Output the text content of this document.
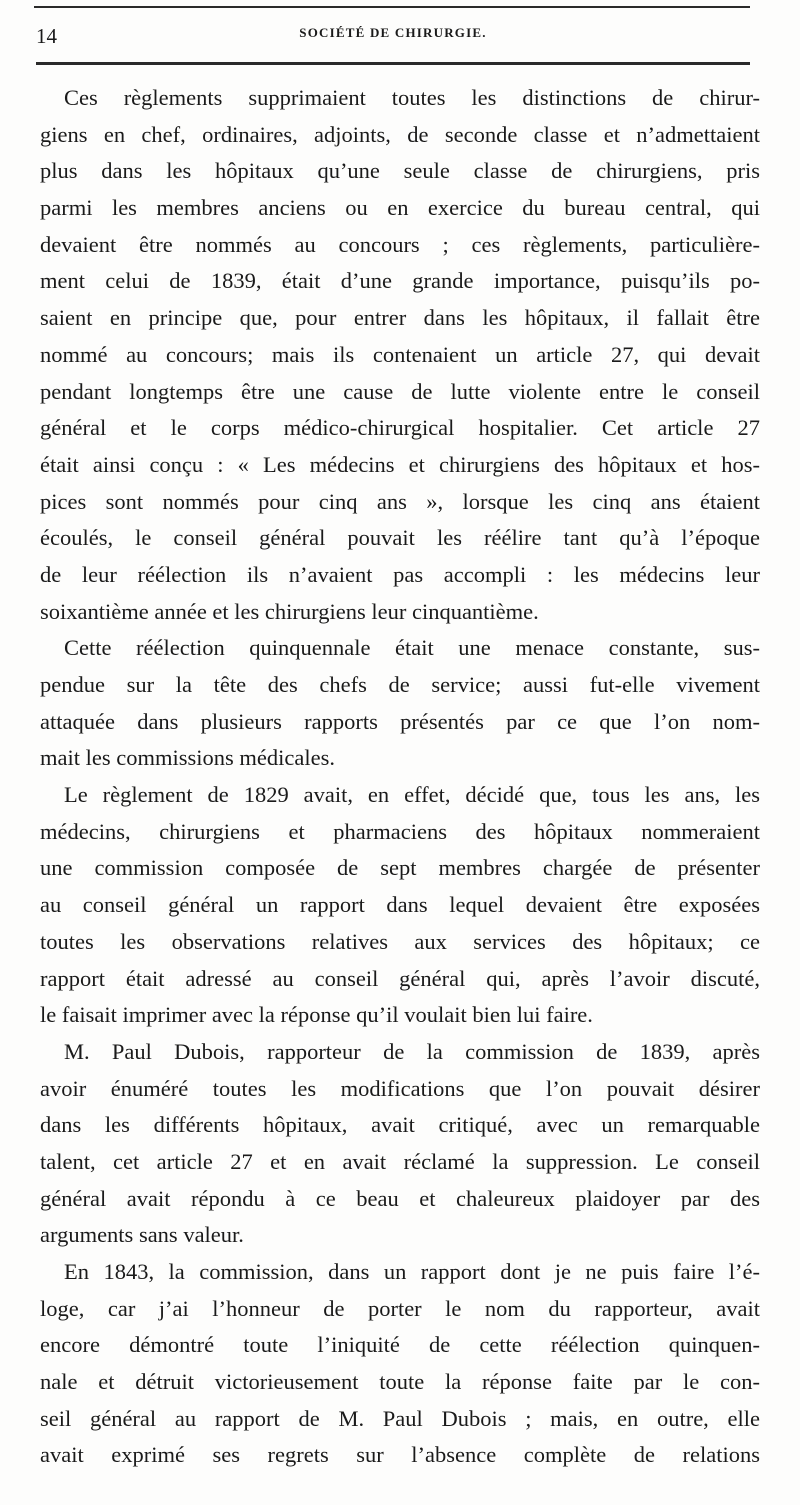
14	SOCIÉTÉ DE CHIRURGIE.
Ces règlements supprimaient toutes les distinctions de chirur-
giens en chef, ordinaires, adjoints, de seconde classe et n’admettaient
plus dans les hôpitaux qu’une seule classe de chirurgiens, pris
parmi les membres anciens ou en exercice du bureau central, qui
devaient être nommés au concours ; ces règlements, particulière-
ment celui de 1839, était d’une grande importance, puisqu’ils po-
saient en principe que, pour entrer dans les hôpitaux, il fallait être
nommé au concours; mais ils contenaient un article 27, qui devait
pendant longtemps être une cause de lutte violente entre le conseil
général et le corps médico-chirurgical hospitalier. Cet article 27
était ainsi conçu : « Les médecins et chirurgiens des hôpitaux et hos-
pices sont nommés pour cinq ans », lorsque les cinq ans étaient
écoulés, le conseil général pouvait les réélire tant qu’à l’époque
de leur réélection ils n’avaient pas accompli : les médecins leur
soixantième année et les chirurgiens leur cinquantième.
Cette réélection quinquennale était une menace constante, sus-
pendue sur la tête des chefs de service; aussi fut-elle vivement
attaquée dans plusieurs rapports présentés par ce que l’on nom-
mait les commissions médicales.
Le règlement de 1829 avait, en effet, décidé que, tous les ans, les
médecins, chirurgiens et pharmaciens des hôpitaux nommeraient
une commission composée de sept membres chargée de présenter
au conseil général un rapport dans lequel devaient être exposées
toutes les observations relatives aux services des hôpitaux; ce
rapport était adressé au conseil général qui, après l’avoir discuté,
le faisait imprimer avec la réponse qu’il voulait bien lui faire.
M. Paul Dubois, rapporteur de la commission de 1839, après
avoir énuméré toutes les modifications que l’on pouvait désirer
dans les différents hôpitaux, avait critiqué, avec un remarquable
talent, cet article 27 et en avait réclamé la suppression. Le conseil
général avait répondu à ce beau et chaleureux plaidoyer par des
arguments sans valeur.
En 1843, la commission, dans un rapport dont je ne puis faire l’é-
loge, car j’ai l’honneur de porter le nom du rapporteur, avait
encore démontré toute l’iniquité de cette réélection quinquen-
nale et détruit victorieusement toute la réponse faite par le con-
seil général au rapport de M. Paul Dubois ; mais, en outre, elle
avait exprimé ses regrets sur l’absence complète de relations
